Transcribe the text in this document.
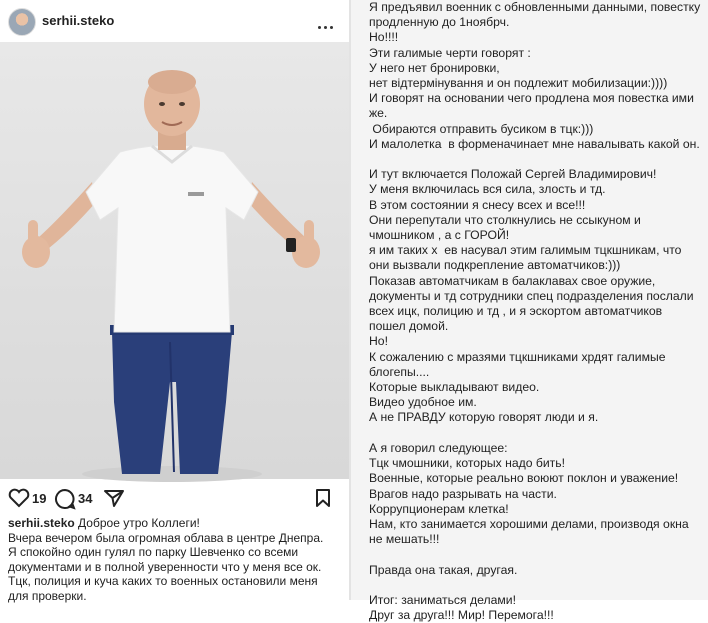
serhii.steko
19 34
serhii.steko Доброе утро Коллеги!
Вчера вечером была огромная облава в центре Днепра.
Я спокойно один гулял по парку Шевченко со всеми
документами и в полной уверенности что у меня все ок.
Тцк, полиция и куча каких то военных остановили меня
для проверки.
Я предъявил военник с обновленными данными, повестку
продленную до 1ноябрч.
Но!!!!
Эти галимые черти говорят :
У него нет бронировки,
нет відтермінування и он подлежит мобилизации:))))
И говорят на основании чего продлена моя повестка ими
же.
Обираются отправить бусиком в тцк:)))
И малолетка  в форменачинает мне навалывать какой он.

И тут включается Положай Сергей Владимирович!
У меня включилась вся сила, злость и тд.
В этом состоянии я снесу всех и все!!!
Они перепутали что столкнулись не ссыкуном и
чмошником , а с ГОРОЙ!
я им таких х  ев насувал этим галимым тцкшникам, что
они вызвали подкрепление автоматчиков:)))
Показав автоматчикам в балаклавах свое оружие,
документы и тд сотрудники спец подразделения послали
всех ицк, полицию и тд , и я эскортом автоматчиков
пошел домой.
Но!
К сожалению с мразями тцкшниками хрдят галимые
блогепы....
Которые выкладывают видео.
Видео удобное им.
А не ПРАВДУ которую говорят люди и я.

А я говорил следующее:
Тцк чмошники, которых надо бить!
Военные, которые реально воюют поклон и уважение!
Врагов надо разрывать на части.
Коррупционерам клетка!
Нам, кто занимается хорошими делами, производя окна
не мешать!!!

Правда она такая, другая.

Итог: заниматься делами!
Друг за друга!!! Мир! Перемога!!!
